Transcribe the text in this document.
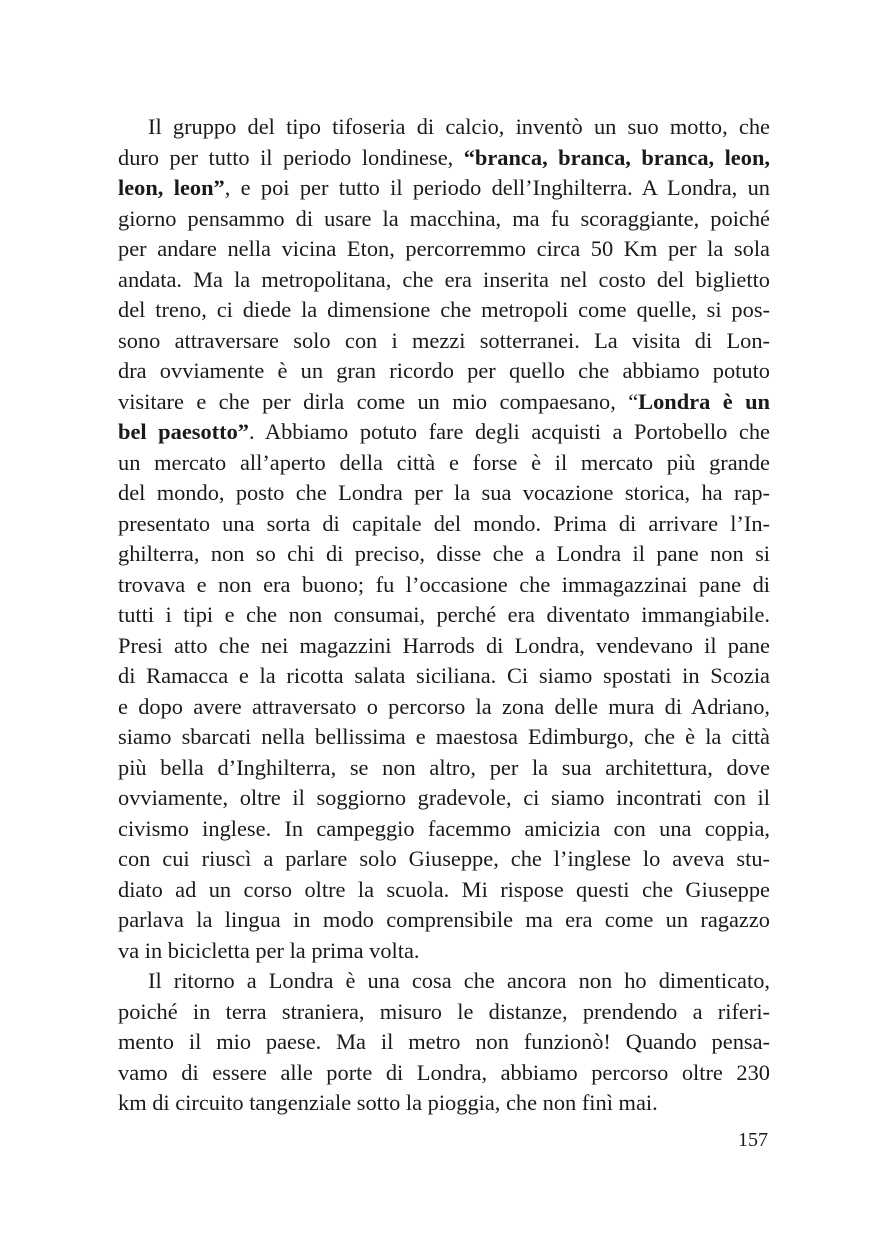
Il gruppo del tipo tifoseria di calcio, inventò un suo motto, che
duro per tutto il periodo londinese, “branca, branca, branca, leon,
leon, leon”, e poi per tutto il periodo dell’Inghilterra. A Londra, un
giorno pensammo di usare la macchina, ma fu scoraggiante, poiché
per andare nella vicina Eton, percorremmo circa 50 Km per la sola
andata. Ma la metropolitana, che era inserita nel costo del biglietto
del treno, ci diede la dimensione che metropoli come quelle, si pos-
sono attraversare solo con i mezzi sotterranei. La visita di Lon-
dra ovviamente è un gran ricordo per quello che abbiamo potuto
visitare e che per dirla come un mio compaesano, “Londra è un
bel paesotto”. Abbiamo potuto fare degli acquisti a Portobello che
un mercato all’aperto della città e forse è il mercato più grande
del mondo, posto che Londra per la sua vocazione storica, ha rap-
presentato una sorta di capitale del mondo. Prima di arrivare l’In-
ghilterra, non so chi di preciso, disse che a Londra il pane non si
trovava e non era buono; fu l’occasione che immagazzinai pane di
tutti i tipi e che non consumai, perché era diventato immangiabile.
Presi atto che nei magazzini Harrods di Londra, vendevano il pane
di Ramacca e la ricotta salata siciliana. Ci siamo spostati in Scozia
e dopo avere attraversato o percorso la zona delle mura di Adriano,
siamo sbarcati nella bellissima e maestosa Edimburgo, che è la città
più bella d’Inghilterra, se non altro, per la sua architettura, dove
ovviamente, oltre il soggiorno gradevole, ci siamo incontrati con il
civismo inglese. In campeggio facemmo amicizia con una coppia,
con cui riuscì a parlare solo Giuseppe, che l’inglese lo aveva stu-
diato ad un corso oltre la scuola. Mi rispose questi che Giuseppe
parlava la lingua in modo comprensibile ma era come un ragazzo
va in bicicletta per la prima volta.
Il ritorno a Londra è una cosa che ancora non ho dimenticato,
poiché in terra straniera, misuro le distanze, prendendo a riferi-
mento il mio paese. Ma il metro non funzionò! Quando pensa-
vamo di essere alle porte di Londra, abbiamo percorso oltre 230
km di circuito tangenziale sotto la pioggia, che non finì mai.
157
